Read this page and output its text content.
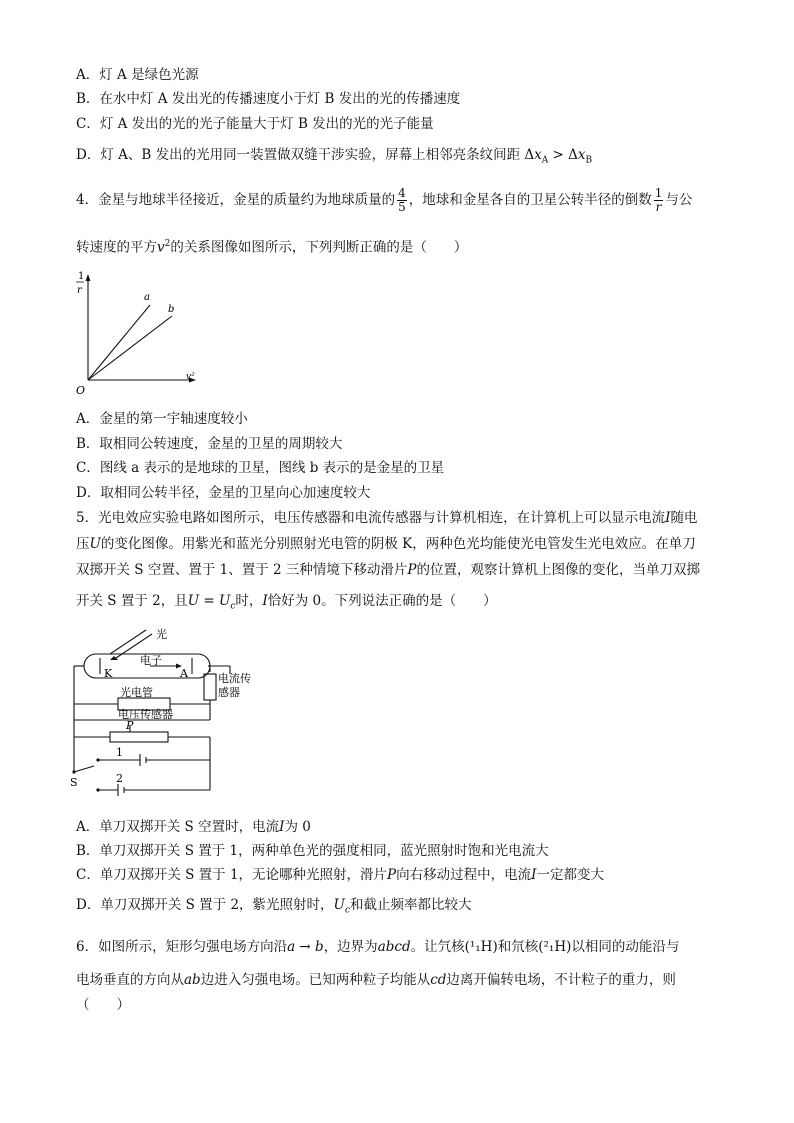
A．灯 A 是绿色光源
B．在水中灯 A 发出光的传播速度小于灯 B 发出的光的传播速度
C．灯 A 发出的光的光子能量大于灯 B 发出的光的光子能量
D．灯 A、B 发出的光用同一装置做双缝干涉实验，屏幕上相邻亮条纹间距 $\Delta x_A > \Delta x_B$
4．金星与地球半径接近，金星的质量约为地球质量的 $\frac{4}{5}$ ，地球和金星各自的卫星公转半径的倒数 $\frac{1}{r}$ 与公
转速度的平方$v^2$的关系图像如图所示，下列判断正确的是（　　）
1
r
v²
O
a
b
A．金星的第一宇轴速度较小
B．取相同公转速度，金星的卫星的周期较大
C．图线 a 表示的是地球的卫星，图线 b 表示的是金星的卫星
D．取相同公转半径，金星的卫星向心加速度较大
5．光电效应实验电路如图所示，电压传感器和电流传感器与计算机相连，在计算机上可以显示电流I随电
压U的变化图像。用紫光和蓝光分别照射光电管的阴极 K，两种色光均能使光电管发生光电效应。在单刀
双掷开关 S 空置、置于 1、置于 2 三种情境下移动滑片P的位置，观察计算机上图像的变化，当单刀双掷
开关 S 置于 2，且$U = U_c$时，I恰好为 0。下列说法正确的是（　　）
光
电子
K	A	电流传
感器
光电管
电压传感器
P
1
2
S
A．单刀双掷开关 S 空置时，电流I为 0
B．单刀双掷开关 S 置于 1，两种单色光的强度相同，蓝光照射时饱和光电流大
C．单刀双掷开关 S 置于 1，无论哪种光照射，滑片P向右移动过程中，电流I一定都变大
D．单刀双掷开关 S 置于 2，紫光照射时，$U_c$和截止频率都比较大
6．如图所示，矩形匀强电场方向沿a → b，边界为abcd。让氕核(¹₁H)和氘核(²₁H)以相同的动能沿与
电场垂直的方向从ab边进入匀强电场。已知两种粒子均能从cd边离开偏转电场，不计粒子的重力，则
（　　）
